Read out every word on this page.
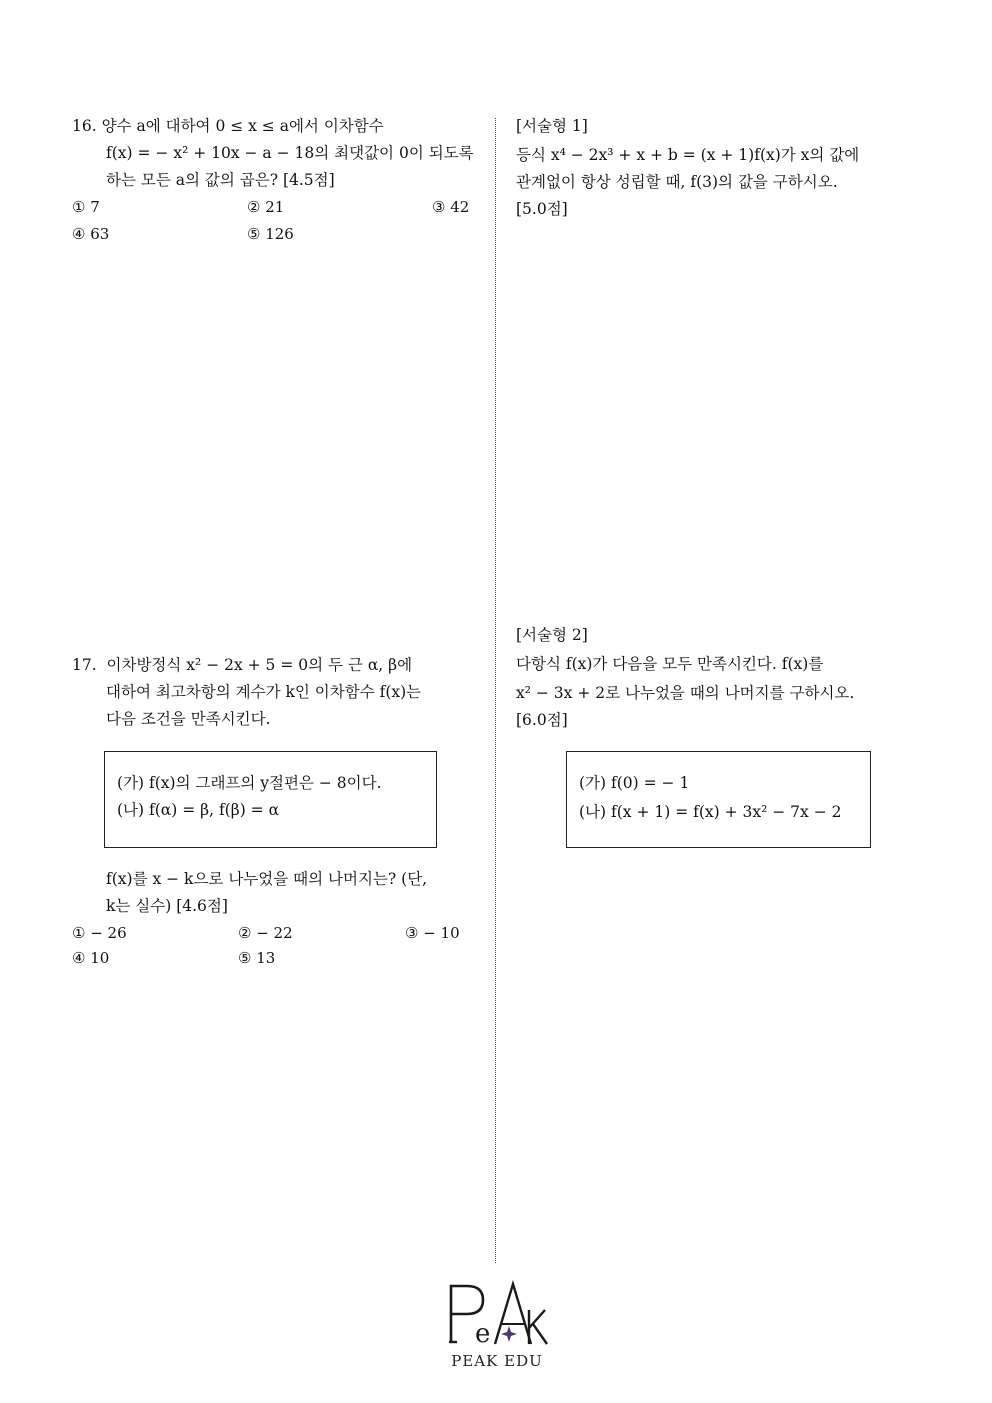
16. 양수 a에 대하여 0 ≤ x ≤ a에서 이차함수
f(x) = − x² + 10x − a − 18의 최댓값이 0이 되도록
하는 모든 a의 값의 곱은? [4.5점]
① 7	② 21	③ 42
④ 63	⑤ 126
17. 이차방정식 x² − 2x + 5 = 0의 두 근 α, β에
대하여 최고차항의 계수가 k인 이차함수 f(x)는
다음 조건을 만족시킨다.
(가) f(x)의 그래프의 y절편은 − 8이다.
(나) f(α) = β, f(β) = α
f(x)를 x − k으로 나누었을 때의 나머지는? (단,
k는 실수) [4.6점]
① − 26	② − 22	③ − 10
④ 10	⑤ 13
[서술형 1]
등식 x⁴ − 2x³ + x + b = (x + 1)f(x)가 x의 값에
관계없이 항상 성립할 때, f(3)의 값을 구하시오.
[5.0점]
[서술형 2]
다항식 f(x)가 다음을 모두 만족시킨다. f(x)를
x² − 3x + 2로 나누었을 때의 나머지를 구하시오.
[6.0점]
(가) f(0) = − 1
(나) f(x + 1) = f(x) + 3x² − 7x − 2
e
PEAK EDU
